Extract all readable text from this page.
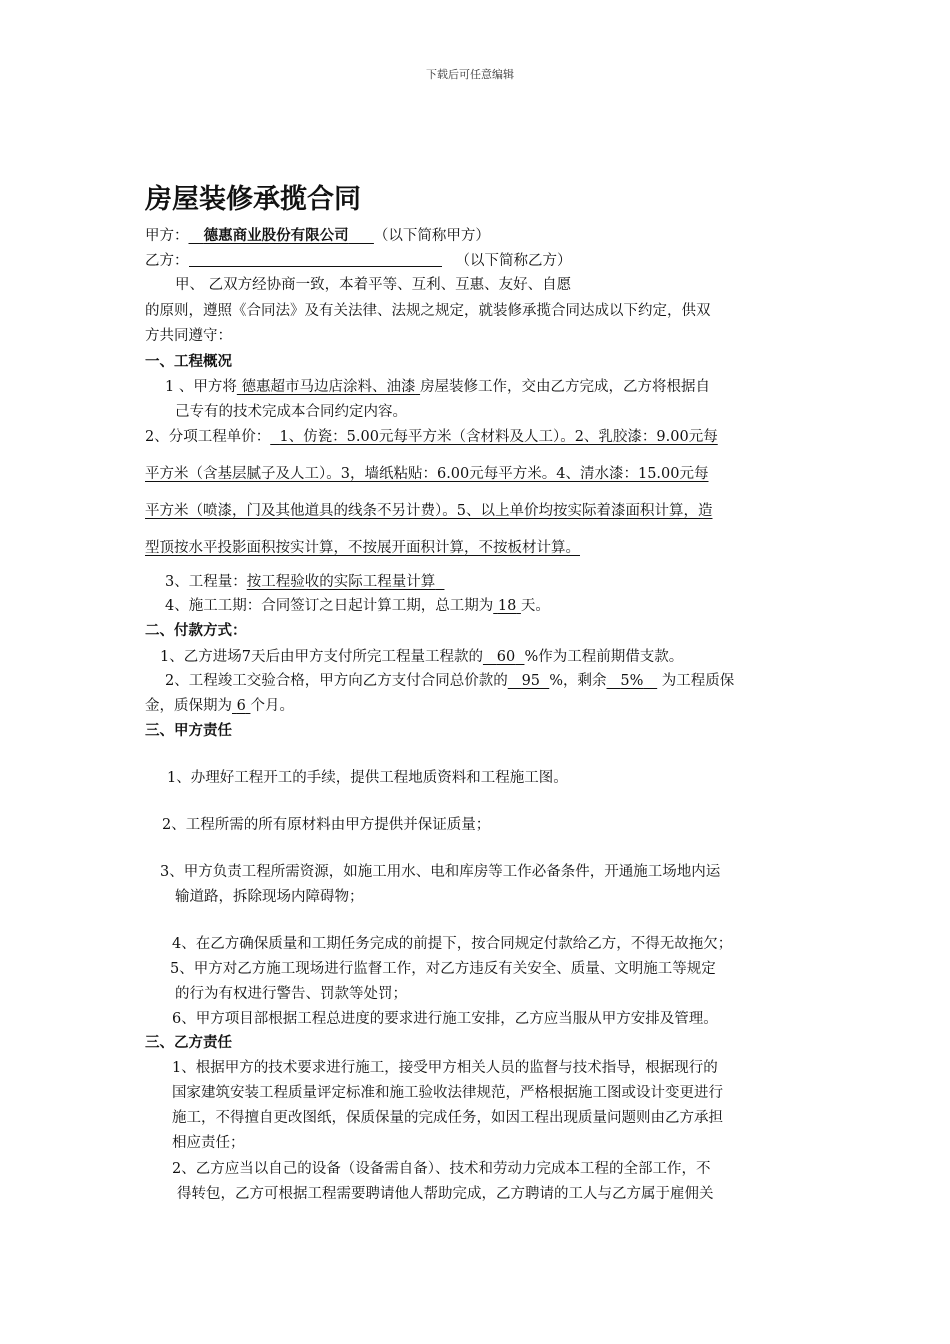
下载后可任意编辑
房屋装修承揽合同
甲方： 德惠商业股份有限公司 （以下简称甲方）
乙方：	（以下简称乙方）
甲、 乙双方经协商一致，本着平等、互利、互惠、友好、自愿
的原则，遵照《合同法》及有关法律、法规之规定，就装修承揽合同达成以下约定，供双
方共同遵守：
一、工程概况
1 、甲方将 德惠超市马边店涂料、油漆 房屋装修工作，交由乙方完成，乙方将根据自
己专有的技术完成本合同约定内容。
2、分项工程单价： 1、仿瓷：5.00元每平方米（含材料及人工）。2、乳胶漆：9.00元每
平方米（含基层腻子及人工）。3，墙纸粘贴：6.00元每平方米。4、清水漆：15.00元每
平方米（喷漆，门及其他道具的线条不另计费）。5、以上单价均按实际着漆面积计算，造
型顶按水平投影面积按实计算，不按展开面积计算，不按板材计算。
3、工程量：按工程验收的实际工程量计算
4、施工工期：合同签订之日起计算工期，总工期为 18 天。
二、付款方式：
1、乙方进场7天后由甲方支付所完工程量工程款的 60 %作为工程前期借支款。
2、工程竣工交验合格，甲方向乙方支付合同总价款的 95 %，剩余 5% 为工程质保
金，质保期为 6 个月。
三、甲方责任
1、办理好工程开工的手续，提供工程地质资料和工程施工图。
2、工程所需的所有原材料由甲方提供并保证质量；
3、甲方负责工程所需资源，如施工用水、电和库房等工作必备条件，开通施工场地内运
输道路，拆除现场内障碍物；
4、在乙方确保质量和工期任务完成的前提下，按合同规定付款给乙方，不得无故拖欠；
5、甲方对乙方施工现场进行监督工作，对乙方违反有关安全、质量、文明施工等规定
的行为有权进行警告、罚款等处罚；
6、甲方项目部根据工程总进度的要求进行施工安排，乙方应当服从甲方安排及管理。
三、乙方责任
1、根据甲方的技术要求进行施工，接受甲方相关人员的监督与技术指导，根据现行的
国家建筑安装工程质量评定标准和施工验收法律规范，严格根据施工图或设计变更进行
施工，不得擅自更改图纸，保质保量的完成任务，如因工程出现质量问题则由乙方承担
相应责任；
2、乙方应当以自己的设备（设备需自备）、技术和劳动力完成本工程的全部工作，不
得转包，乙方可根据工程需要聘请他人帮助完成，乙方聘请的工人与乙方属于雇佣关
